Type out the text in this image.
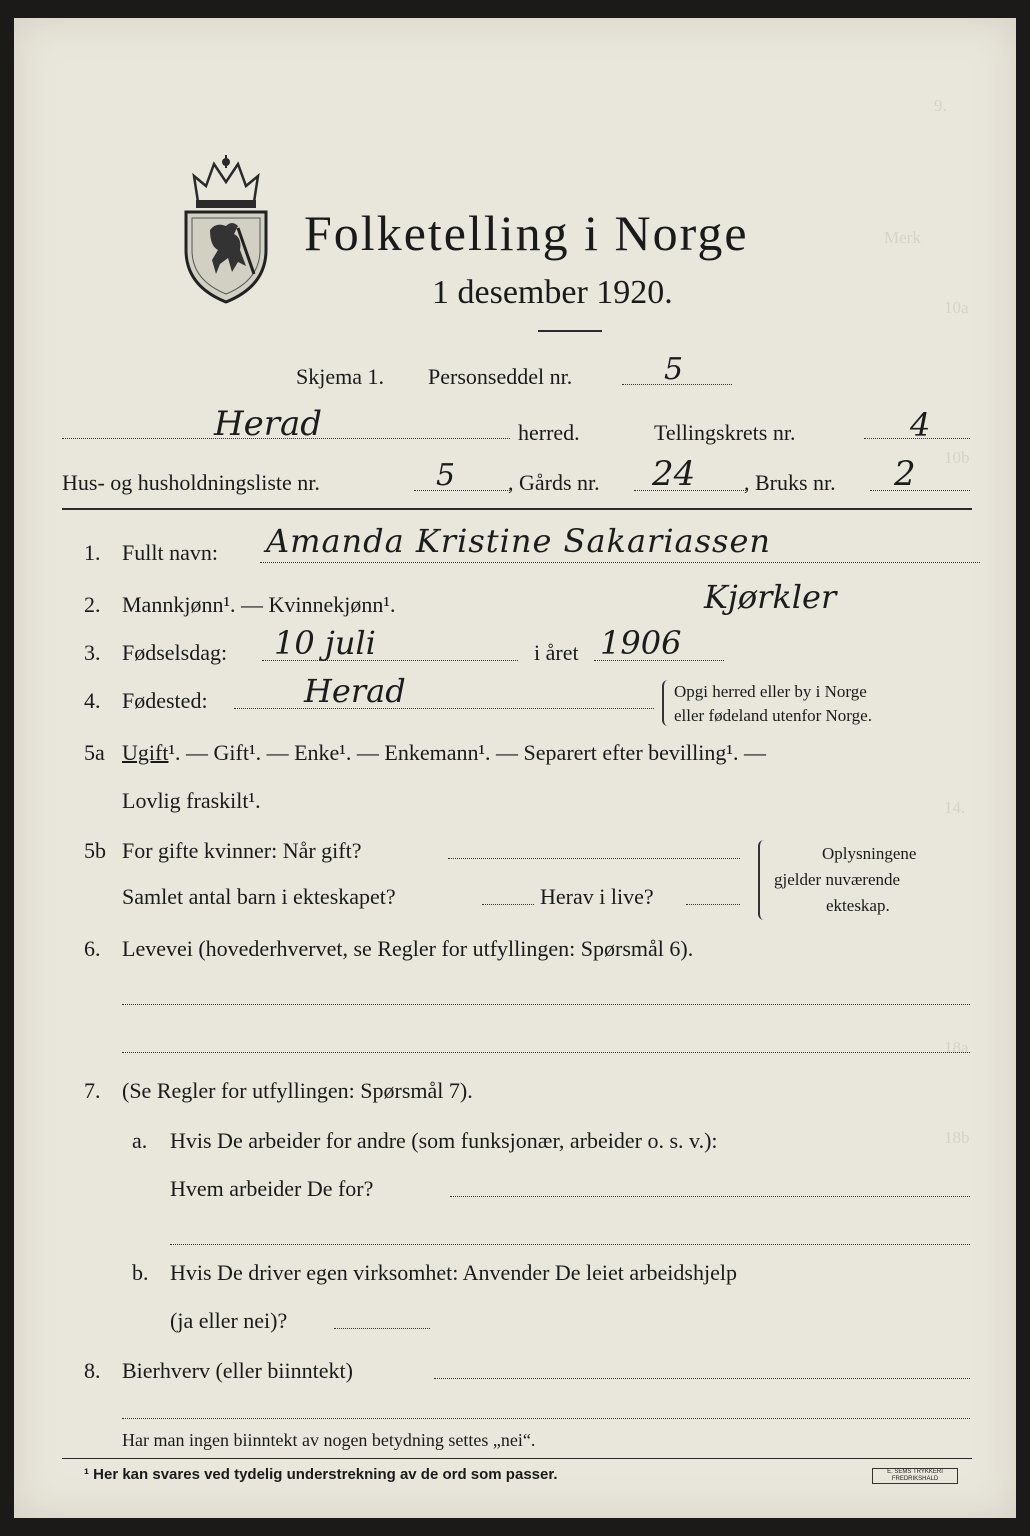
9.
Merk
10a
10b
14.
18a
18b
Folketelling i Norge
1 desember 1920.
Skjema 1. Personseddel nr.	5
Herad	herred.	Tellingskrets nr.	4
Hus- og husholdningsliste nr.	5 , Gårds nr. 24 , Bruks nr. 2
1. Fullt navn: Amanda Kristine Sakariassen
2. Mannkjønn¹. — Kvinnekjønn¹.	Kjørkler
3. Fødselsdag: 10 juli	i året 1906
4. Fødested:	Herad	Opgi herred eller by i Norge
eller fødeland utenfor Norge.
5a Ugift¹. — Gift¹. — Enke¹. — Enkemann¹. — Separert efter bevilling¹. —
Lovlig fraskilt¹.
5b For gifte kvinner: Når gift?
Samlet antal barn i ekteskapet?	Herav i live?
Oplysningene
gjelder nuværende
ekteskap.
6. Levevei (hovederhvervet, se Regler for utfyllingen: Spørsmål 6).
7. (Se Regler for utfyllingen: Spørsmål 7).
a. Hvis De arbeider for andre (som funksjonær, arbeider o. s. v.):
Hvem arbeider De for?
b. Hvis De driver egen virksomhet: Anvender De leiet arbeidshjelp
(ja eller nei)?
8. Bierhverv (eller biinntekt)
Har man ingen biinntekt av nogen betydning settes „nei“.
¹ Her kan svares ved tydelig understrekning av de ord som passer.	E. SEMS TRYKKERI FREDRIKSHALD
